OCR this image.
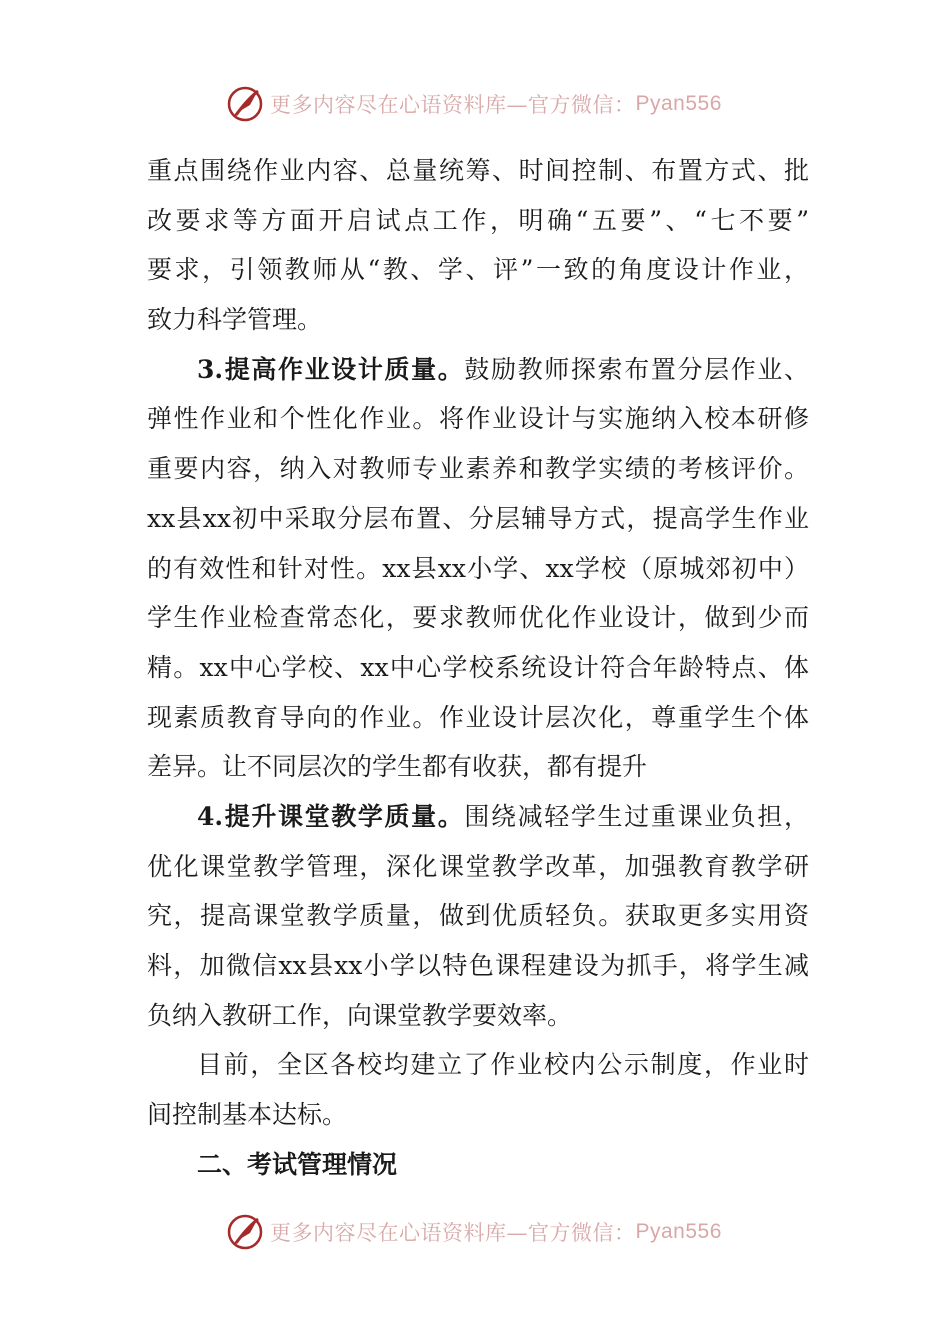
更多内容尽在心语资料库—官方微信： Pyan556
重点围绕作业内容、总量统筹、时间控制、布置方式、批
改要求等方面开启试点工作，明确“五要”、“七不要”
要求，引领教师从“教、学、评”一致的角度设计作业，
致力科学管理。
3.提高作业设计质量。鼓励教师探索布置分层作业、
弹性作业和个性化作业。将作业设计与实施纳入校本研修
重要内容，纳入对教师专业素养和教学实绩的考核评价。
xx县xx初中采取分层布置、分层辅导方式，提高学生作业
的有效性和针对性。xx县xx小学、xx学校（原城郊初中）
学生作业检查常态化，要求教师优化作业设计，做到少而
精。xx中心学校、xx中心学校系统设计符合年龄特点、体
现素质教育导向的作业。作业设计层次化，尊重学生个体
差异。让不同层次的学生都有收获，都有提升
4.提升课堂教学质量。围绕减轻学生过重课业负担，
优化课堂教学管理，深化课堂教学改革，加强教育教学研
究，提高课堂教学质量，做到优质轻负。获取更多实用资
料，加微信xx县xx小学以特色课程建设为抓手，将学生减
负纳入教研工作，向课堂教学要效率。
目前，全区各校均建立了作业校内公示制度，作业时
间控制基本达标。
二、考试管理情况
更多内容尽在心语资料库—官方微信： Pyan556
